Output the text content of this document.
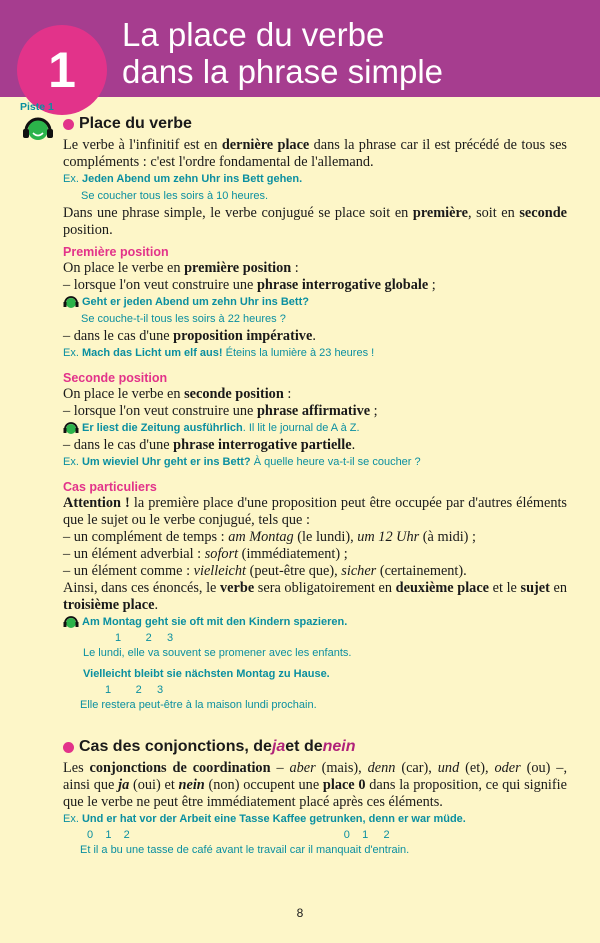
1
La place du verbe
dans la phrase simple
Piste 1
Place du verbe

Le verbe à l'infinitif est en dernière place dans la phrase car il est précédé de tous ses compléments : c'est l'ordre fondamental de l'allemand.

Ex. Jeden Abend um zehn Uhr ins Bett gehen.
Se coucher tous les soirs à 10 heures.

Dans une phrase simple, le verbe conjugué se place soit en première, soit en seconde position.

Première position

On place le verbe en première position :

– lorsque l'on veut construire une phrase interrogative globale ;

Geht er jeden Abend um zehn Uhr ins Bett?
Se couche-t-il tous les soirs à 22 heures ?

– dans le cas d'une proposition impérative.

Ex. Mach das Licht um elf aus! Éteins la lumière à 23 heures !
Seconde position

On place le verbe en seconde position :

– lorsque l'on veut construire une phrase affirmative ;

Er liest die Zeitung ausführlich. Il lit le journal de A à Z.

– dans le cas d'une phrase interrogative partielle.

Ex. Um wieviel Uhr geht er ins Bett? À quelle heure va-t-il se coucher ?
Cas particuliers

Attention ! la première place d'une proposition peut être occupée par d'autres éléments que le sujet ou le verbe conjugué, tels que :

– un complément de temps : am Montag (le lundi), um 12 Uhr (à midi) ;

– un élément adverbial : sofort (immédiatement) ;

– un élément comme : vielleicht (peut-être que), sicher (certainement).

Ainsi, dans ces énoncés, le verbe sera obligatoirement en deuxième place et le sujet en troisième place.

Am Montag geht sie oft mit den Kindern spazieren.
1        2     3
Le lundi, elle va souvent se promener avec les enfants.
Vielleicht bleibt sie nächsten Montag zu Hause.
1        2     3
Elle restera peut-être à la maison lundi prochain.
Cas des conjonctions, de ja et de nein

Les conjonctions de coordination – aber (mais), denn (car), und (et), oder (ou) –, ainsi que ja (oui) et nein (non) occupent une place 0 dans la proposition, ce qui signifie que le verbe ne peut être immédiatement placé après ces éléments.

Ex. Und er hat vor der Arbeit eine Tasse Kaffee getrunken, denn er war müde.
0    1    2                                                                      0    1     2
Et il a bu une tasse de café avant le travail car il manquait d'entrain.
8
